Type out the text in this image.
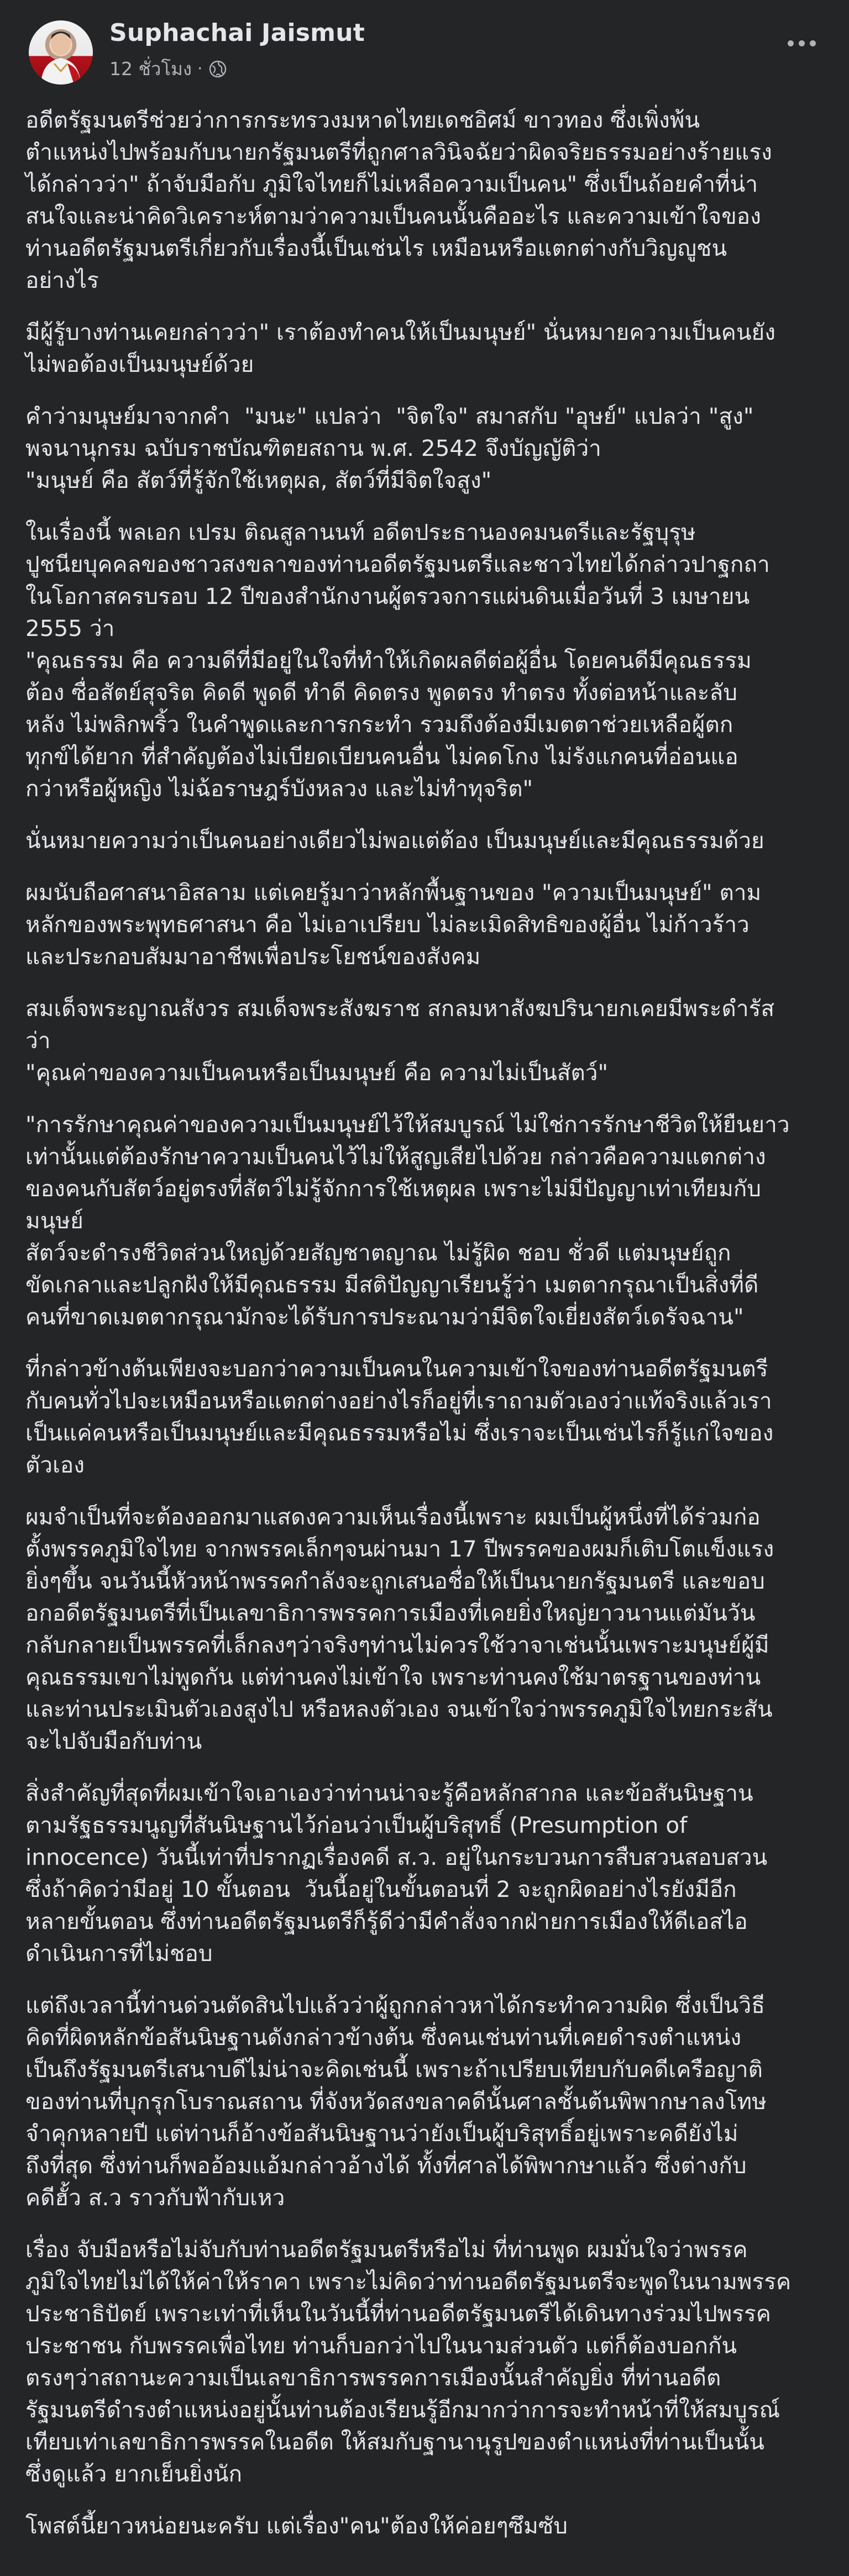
Suphachai Jaismut
12 ชั่วโมง ·

อดีตรัฐมนตรีช่วยว่าการกระทรวงมหาดไทยเดชอิศม์ ขาวทอง ซึ่งเพิ่งพ้น
ตำแหน่งไปพร้อมกับนายกรัฐมนตรีที่ถูกศาลวินิจฉัยว่าผิดจริยธรรมอย่างร้ายแรง
ได้กล่าวว่า" ถ้าจับมือกับ ภูมิใจไทยก็ไม่เหลือความเป็นคน" ซึ่งเป็นถ้อยคำที่น่า
สนใจและน่าคิดวิเคราะห์ตามว่าความเป็นคนนั้นคืออะไร และความเข้าใจของ
ท่านอดีตรัฐมนตรีเกี่ยวกับเรื่องนี้เป็นเช่นไร เหมือนหรือแตกต่างกับวิญญูชน
อย่างไร

มีผู้รู้บางท่านเคยกล่าวว่า" เราต้องทำคนให้เป็นมนุษย์" นั่นหมายความเป็นคนยัง
ไม่พอต้องเป็นมนุษย์ด้วย

คำว่ามนุษย์มาจากคำ  "มนะ" แปลว่า  "จิตใจ" สมาสกับ "อุษย์" แปลว่า "สูง"
พจนานุกรม ฉบับราชบัณฑิตยสถาน พ.ศ. 2542 จึงบัญญัติว่า
"มนุษย์ คือ สัตว์ที่รู้จักใช้เหตุผล, สัตว์ที่มีจิตใจสูง"

ในเรื่องนี้ พลเอก เปรม ติณสูลานนท์ อดีตประธานองคมนตรีและรัฐบุรุษ
ปูชนียบุคคลของชาวสงขลาของท่านอดีตรัฐมนตรีและชาวไทยได้กล่าวปาฐกถา
ในโอกาสครบรอบ 12 ปีของสำนักงานผู้ตรวจการแผ่นดินเมื่อวันที่ 3 เมษายน
2555 ว่า
"คุณธรรม คือ ความดีที่มีอยู่ในใจที่ทำให้เกิดผลดีต่อผู้อื่น โดยคนดีมีคุณธรรม
ต้อง ซื่อสัตย์สุจริต คิดดี พูดดี ทำดี คิดตรง พูดตรง ทำตรง ทั้งต่อหน้าและลับ
หลัง ไม่พลิกพริ้ว ในคำพูดและการกระทำ รวมถึงต้องมีเมตตาช่วยเหลือผู้ตก
ทุกข์ได้ยาก ที่สำคัญต้องไม่เบียดเบียนคนอื่น ไม่คดโกง ไม่รังแกคนที่อ่อนแอ
กว่าหรือผู้หญิง ไม่ฉ้อราษฎร์บังหลวง และไม่ทำทุจริต"

นั่นหมายความว่าเป็นคนอย่างเดียวไม่พอแต่ต้อง เป็นมนุษย์และมีคุณธรรมด้วย

ผมนับถือศาสนาอิสลาม แต่เคยรู้มาว่าหลักพื้นฐานของ "ความเป็นมนุษย์" ตาม
หลักของพระพุทธศาสนา คือ ไม่เอาเปรียบ ไม่ละเมิดสิทธิของผู้อื่น ไม่ก้าวร้าว
และประกอบสัมมาอาชีพเพื่อประโยชน์ของสังคม

สมเด็จพระญาณสังวร สมเด็จพระสังฆราช สกลมหาสังฆปรินายกเคยมีพระดำรัส
ว่า
"คุณค่าของความเป็นคนหรือเป็นมนุษย์ คือ ความไม่เป็นสัตว์"

"การรักษาคุณค่าของความเป็นมนุษย์ไว้ให้สมบูรณ์ ไม่ใช่การรักษาชีวิตให้ยืนยาว
เท่านั้นแต่ต้องรักษาความเป็นคนไว้ไม่ให้สูญเสียไปด้วย กล่าวคือความแตกต่าง
ของคนกับสัตว์อยู่ตรงที่สัตว์ไม่รู้จักการใช้เหตุผล เพราะไม่มีปัญญาเท่าเทียมกับ
มนุษย์
สัตว์จะดำรงชีวิตส่วนใหญ่ด้วยสัญชาตญาณ ไม่รู้ผิด ชอบ ชั่วดี แต่มนุษย์ถูก
ขัดเกลาและปลูกฝังให้มีคุณธรรม มีสติปัญญาเรียนรู้ว่า เมตตากรุณาเป็นสิ่งที่ดี
คนที่ขาดเมตตากรุณามักจะได้รับการประณามว่ามีจิตใจเยี่ยงสัตว์เดรัจฉาน"

ที่กล่าวข้างต้นเพียงจะบอกว่าความเป็นคนในความเข้าใจของท่านอดีตรัฐมนตรี
กับคนทั่วไปจะเหมือนหรือแตกต่างอย่างไรก็อยู่ที่เราถามตัวเองว่าแท้จริงแล้วเรา
เป็นแค่คนหรือเป็นมนุษย์และมีคุณธรรมหรือไม่ ซึ่งเราจะเป็นเช่นไรก็รู้แก่ใจของ
ตัวเอง

ผมจำเป็นที่จะต้องออกมาแสดงความเห็นเรื่องนี้เพราะ ผมเป็นผู้หนึ่งที่ได้ร่วมก่อ
ตั้งพรรคภูมิใจไทย จากพรรคเล็กๆจนผ่านมา 17 ปีพรรคของผมก็เติบโตแข็งแรง
ยิ่งๆขึ้น จนวันนี้หัวหน้าพรรคกำลังจะถูกเสนอชื่อให้เป็นนายกรัฐมนตรี และขอบ
อกอดีตรัฐมนตรีที่เป็นเลขาธิการพรรคการเมืองที่เคยยิ่งใหญ่ยาวนานแต่มันวัน
กลับกลายเป็นพรรคที่เล็กลงๆว่าจริงๆท่านไม่ควรใช้วาจาเช่นนั้นเพราะมนุษย์ผู้มี
คุณธรรมเขาไม่พูดกัน แต่ท่านคงไม่เข้าใจ เพราะท่านคงใช้มาตรฐานของท่าน
และท่านประเมินตัวเองสูงไป หรือหลงตัวเอง จนเข้าใจว่าพรรคภูมิใจไทยกระสัน
จะไปจับมือกับท่าน

สิ่งสำคัญที่สุดที่ผมเข้าใจเอาเองว่าท่านน่าจะรู้คือหลักสากล และข้อสันนิษฐาน
ตามรัฐธรรมนูญที่สันนิษฐานไว้ก่อนว่าเป็นผู้บริสุทธิ์ (Presumption of
innocence) วันนี้เท่าที่ปรากฏเรื่องคดี ส.ว. อยู่ในกระบวนการสืบสวนสอบสวน
ซึ่งถ้าคิดว่ามีอยู่ 10 ขั้นตอน  วันนี้อยู่ในขั้นตอนที่ 2 จะถูกผิดอย่างไรยังมีอีก
หลายขั้นตอน ซึ่งท่านอดีตรัฐมนตรีก็รู้ดีว่ามีคำสั่งจากฝ่ายการเมืองให้ดีเอสไอ
ดำเนินการที่ไม่ชอบ

แต่ถึงเวลานี้ท่านด่วนตัดสินไปแล้วว่าผู้ถูกกล่าวหาได้กระทำความผิด ซึ่งเป็นวิธี
คิดที่ผิดหลักข้อสันนิษฐานดังกล่าวข้างต้น ซึ่งคนเช่นท่านที่เคยดำรงตำแหน่ง
เป็นถึงรัฐมนตรีเสนาบดีไม่น่าจะคิดเช่นนี้ เพราะถ้าเปรียบเทียบกับคดีเครือญาติ
ของท่านที่บุกรุกโบราณสถาน ที่จังหวัดสงขลาคดีนั้นศาลชั้นต้นพิพากษาลงโทษ
จำคุกหลายปี แต่ท่านก็อ้างข้อสันนิษฐานว่ายังเป็นผู้บริสุทธิ์อยู่เพราะคดียังไม่
ถึงที่สุด ซึ่งท่านก็พออ้อมแอ้มกล่าวอ้างได้ ทั้งที่ศาลได้พิพากษาแล้ว ซึ่งต่างกับ
คดีฮั้ว ส.ว ราวกับฟ้ากับเหว

เรื่อง จับมือหรือไม่จับกับท่านอดีตรัฐมนตรีหรือไม่ ที่ท่านพูด ผมมั่นใจว่าพรรค
ภูมิใจไทยไม่ได้ให้ค่าให้ราคา เพราะไม่คิดว่าท่านอดีตรัฐมนตรีจะพูดในนามพรรค
ประชาธิปัตย์ เพราะเท่าที่เห็นในวันนี้ที่ท่านอดีตรัฐมนตรีได้เดินทางร่วมไปพรรค
ประชาชน กับพรรคเพื่อไทย ท่านก็บอกว่าไปในนามส่วนตัว แต่ก็ต้องบอกกัน
ตรงๆว่าสถานะความเป็นเลขาธิการพรรคการเมืองนั้นสำคัญยิ่ง ที่ท่านอดีต
รัฐมนตรีดำรงตำแหน่งอยู่นั้นท่านต้องเรียนรู้อีกมากว่าการจะทำหน้าที่ให้สมบูรณ์
เทียบเท่าเลขาธิการพรรคในอดีต ให้สมกับฐานานุรูปของตำแหน่งที่ท่านเป็นนั้น
ซึ่งดูแล้ว ยากเย็นยิ่งนัก

โพสต์นี้ยาวหน่อยนะครับ แต่เรื่อง"คน"ต้องให้ค่อยๆซึมซับ
